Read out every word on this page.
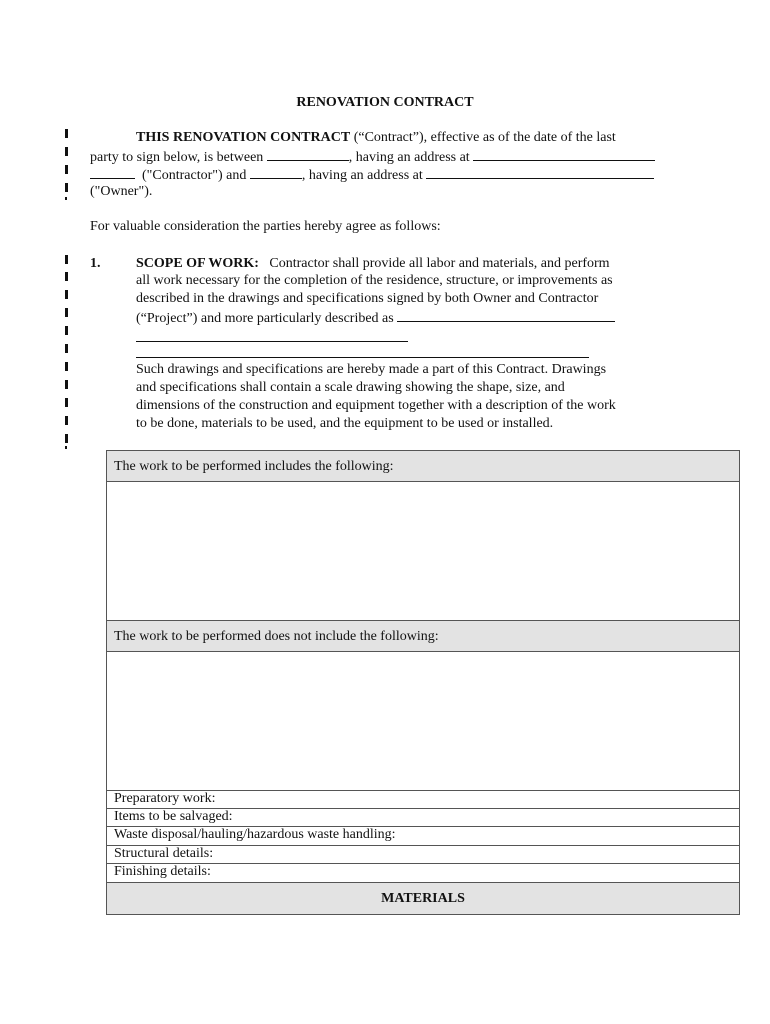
RENOVATION CONTRACT
THIS RENOVATION CONTRACT (“Contract”), effective as of the date of the last
party to sign below, is between	, having an address at
("Contractor") and	, having an address at
("Owner").
For valuable consideration the parties hereby agree as follows:
1.	SCOPE OF WORK: Contractor shall provide all labor and materials, and perform
all work necessary for the completion of the residence, structure, or improvements as
described in the drawings and specifications signed by both Owner and Contractor
(“Project”) and more particularly described as
Such drawings and specifications are hereby made a part of this Contract. Drawings
and specifications shall contain a scale drawing showing the shape, size, and
dimensions of the construction and equipment together with a description of the work
to be done, materials to be used, and the equipment to be used or installed.
The work to be performed includes the following:
The work to be performed does not include the following:
Preparatory work:
Items to be salvaged:
Waste disposal/hauling/hazardous waste handling:
Structural details:
Finishing details:
MATERIALS
